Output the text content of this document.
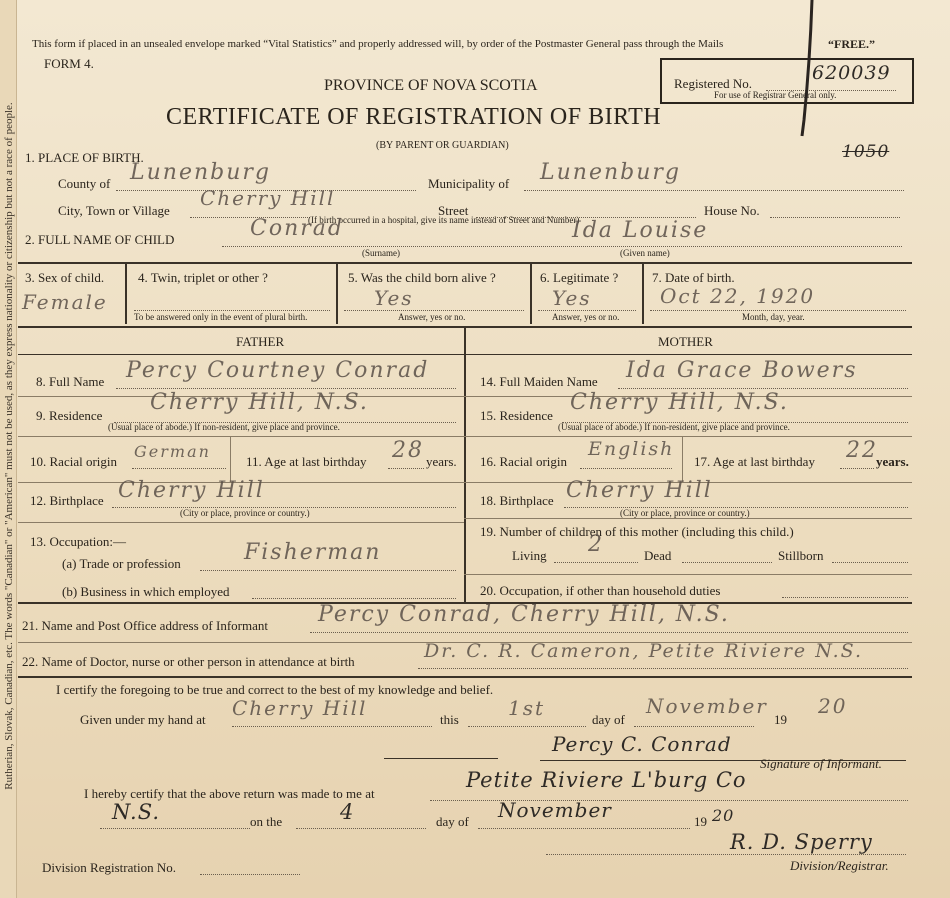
Rutherian, Slovak, Canadian, etc. The words "Canadian" or "American" must not be used, as they express nationality or citizenship but not a race of people.
This form if placed in an unsealed envelope marked “Vital Statistics” and properly addressed will, by order of the Postmaster General pass through the Mails	“FREE.”
FORM 4.
PROVINCE OF NOVA SCOTIA
CERTIFICATE OF REGISTRATION OF BIRTH
(BY PARENT OR GUARDIAN)
Registered No.	620039
For use of Registrar General only.
1050
1. PLACE OF BIRTH.
County of Lunenburg	Municipality of Lunenburg
City, Town or Village
Cherry Hill
(If birth occurred in a hospital, give its name instead of Street and Number)
Street	House No.
2. FULL NAME OF CHILD	Conrad
(Surname)
Ida Louise
(Given name)
3. Sex of child.
Female
4. Twin, triplet or other ?
To be answered only in the event of plural birth.
5. Was the child born alive ?
Yes
Answer, yes or no.
6. Legitimate ?
Yes
Answer, yes or no.
7. Date of birth.
Oct 22, 1920
Month, day, year.
FATHER	MOTHER
8. Full Name Percy Courtney Conrad
9. Residence
Cherry Hill, N.S.
(Usual place of abode.) If non-resident, give place and province.
10. Racial origin
German
11. Age at last birthday 28 years.
12. Birthplace Cherry Hill
(City or place, province or country.)
13. Occupation:—
(a) Trade or profession	Fisherman
(b) Business in which employed
14. Full Maiden Name Ida Grace Bowers
15. Residence
Cherry Hill, N.S.
(Usual place of abode.) If non-resident, give place and province.
16. Racial origin
English
17. Age at last birthday 22
years.
18. Birthplace Cherry Hill
(City or place, province or country.)
19. Number of children of this mother (including this child.)
Living 2	Dead	Stillborn
20. Occupation, if other than household duties
21. Name and Post Office address of Informant Percy Conrad, Cherry Hill, N.S.
22. Name of Doctor, nurse or other person in attendance at birth	Dr. C. R. Cameron, Petite Riviere N.S.
I certify the foregoing to be true and correct to the best of my knowledge and belief.
Given under my hand at Cherry Hill	this 1st	day of
November
19
20
Percy C. Conrad
Signature of Informant.
I hereby certify that the above return was made to me at
Petite Riviere L'burg Co
N.S.	on the	4	day of November	19 20
R. D. Sperry
Division/Registrar.
Division Registration No.
